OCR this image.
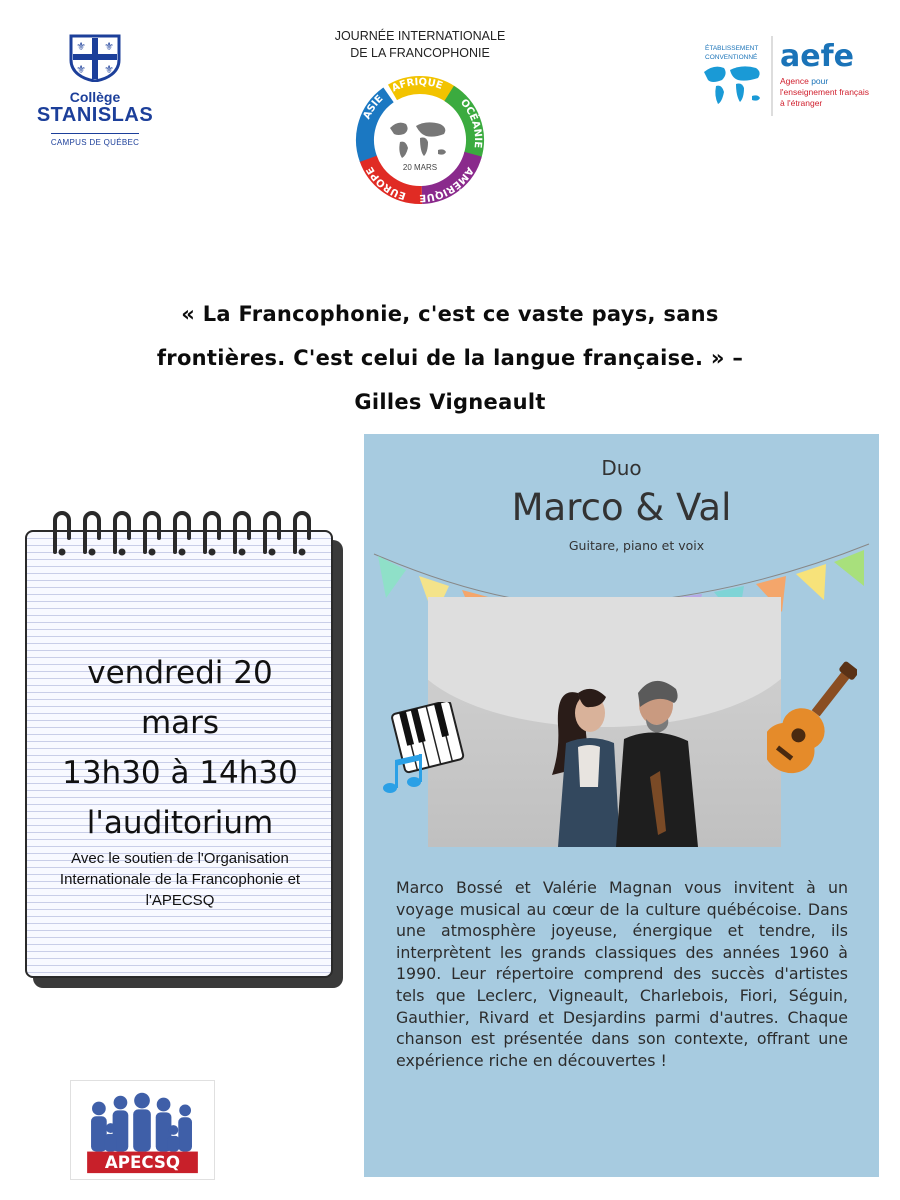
⚜ ⚜
⚜ ⚜
Collège
STANISLAS
CAMPUS DE QUÉBEC
JOURNÉE INTERNATIONALE
DE LA FRANCOPHONIE
ASIE
AFRIQUE
OCÉANIE
AMÉRIQUE
EUROPE	20 MARS
ÉTABLISSEMENT
CONVENTIONNÉ aefe
Agence pour
l'enseignement français
à l'étranger
« La Francophonie, c'est ce vaste pays, sans
frontières. C'est celui de la langue française. » –
Gilles Vigneault
vendredi 20
mars
13h30 à 14h30
l'auditorium
Avec le soutien de l'Organisation
Internationale de la Francophonie et
l'APECSQ
Duo
Marco & Val
Guitare, piano et voix
Marco Bossé et Valérie Magnan vous invitent à un voyage musical au cœur de la culture québécoise. Dans une atmosphère joyeuse, énergique et tendre, ils interprètent les grands classiques des années 1960 à 1990. Leur répertoire comprend des succès d'artistes tels que Leclerc, Vigneault, Charlebois, Fiori, Séguin, Gauthier, Rivard et Desjardins parmi d'autres. Chaque chanson est présentée dans son contexte, offrant une expérience riche en découvertes !
APECSQ
